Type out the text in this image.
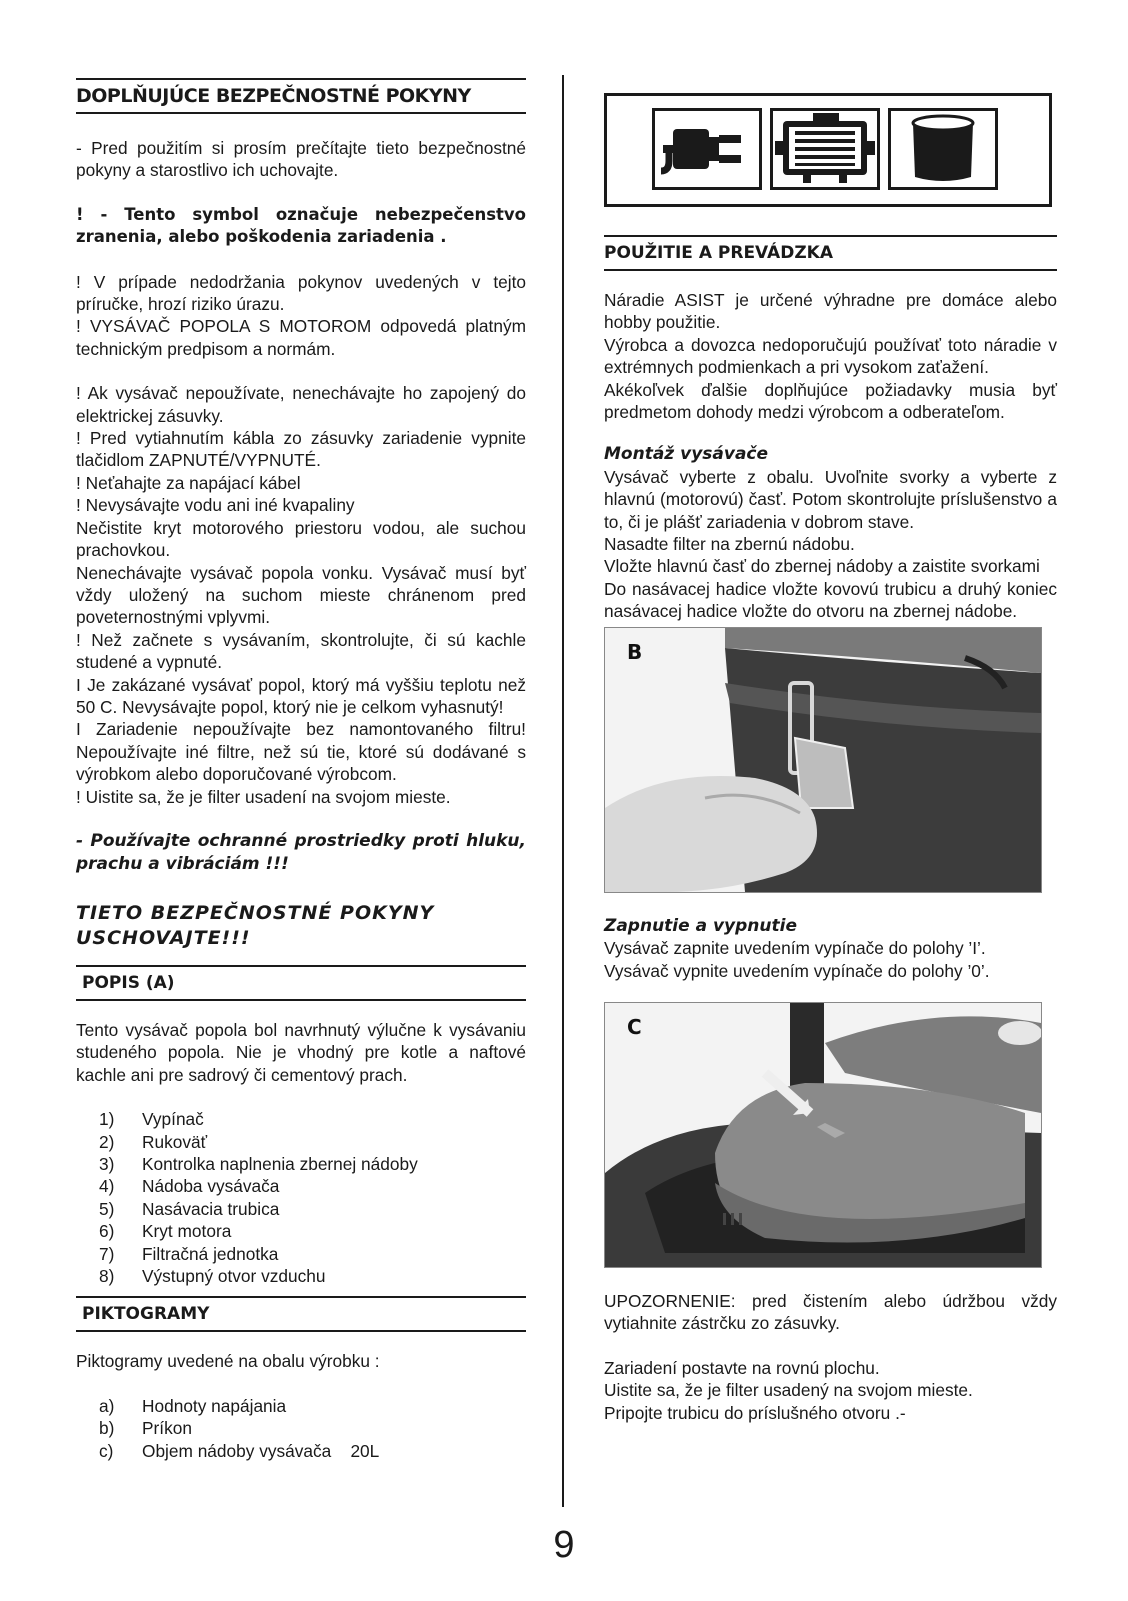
DOPLŇUJÚCE BEZPEČNOSTNÉ POKYNY

- Pred použitím si prosím prečítajte tieto bezpečnostné pokyny a starostlivo ich uchovajte.

! - Tento symbol označuje nebezpečenstvo zranenia, alebo poškodenia zariadenia .

! V prípade nedodržania pokynov uvedených v tejto príručke, hrozí riziko úrazu.

! VYSÁVAČ POPOLA S MOTOROM odpovedá platným technickým predpisom a normám.

! Ak vysávač nepoužívate, nenechávajte ho zapojený do elektrickej zásuvky.

! Pred vytiahnutím kábla zo zásuvky zariadenie vypnite tlačidlom ZAPNUTÉ/VYPNUTÉ.

! Neťahajte za napájací kábel

! Nevysávajte vodu ani iné kvapaliny

Nečistite kryt motorového priestoru vodou, ale suchou prachovkou.

Nenechávajte vysávač popola vonku. Vysávač musí byť vždy uložený na suchom mieste chránenom pred poveternostnými vplyvmi.

! Než začnete s vysávaním, skontrolujte, či sú kachle studené a vypnuté.

I Je zakázané vysávať popol, ktorý má vyššiu teplotu než 50 C. Nevysávajte popol, ktorý nie je celkom vyhasnutý!

I Zariadenie nepoužívajte bez namontovaného filtru! Nepoužívajte iné filtre, než sú tie, ktoré sú dodávané s výrobkom alebo doporučované výrobcom.

! Uistite sa, že je filter usadení na svojom mieste.

- Používajte ochranné prostriedky proti hluku, prachu a vibráciám !!!

TIETO BEZPEČNOSTNÉ POKYNY USCHOVAJTE!!!

POPIS (A)

Tento vysávač popola bol navrhnutý výlučne k vysávaniu studeného popola. Nie je vhodný pre kotle a naftové kachle ani pre sadrový či cementový prach.

1)	Vypínač
2)	Rukoväť
3)	Kontrolka naplnenia zbernej nádoby
4)	Nádoba vysávača
5)	Nasávacia trubica
6)	Kryt motora
7)	Filtračná jednotka
8)	Výstupný otvor vzduchu
PIKTOGRAMY

Piktogramy uvedené na obalu výrobku :

a)	Hodnoty napájania
b)	Príkon
c)	Objem nádoby vysávača    20L
POUŽITIE A PREVÁDZKA

Náradie ASIST je určené výhradne pre domáce alebo hobby použitie.

Výrobca a dovozca nedoporučujú používať toto náradie v extrémnych podmienkach a pri vysokom zaťažení.

Akékoľvek ďalšie doplňujúce požiadavky musia byť predmetom dohody medzi výrobcom a odberateľom.

Montáž vysávače

Vysávač vyberte z obalu. Uvoľnite svorky a vyberte z hlavnú (motorovú) časť. Potom skontrolujte príslušenstvo a to, či je plášť zariadenia v dobrom stave.

Nasadte filter na zbernú nádobu.

Vložte hlavnú časť do zbernej nádoby a zaistite svorkami

Do nasávacej hadice vložte kovovú trubicu a druhý koniec nasávacej hadice vložte do otvoru na zbernej nádobe.

B

Zapnutie a vypnutie

Vysávač zapnite uvedením vypínače do polohy ’I’.

Vysávač vypnite uvedením vypínače do polohy ’0’.

C

UPOZORNENIE: pred čistením alebo údržbou vždy vytiahnite zástrčku zo zásuvky.

Zariadení postavte na rovnú plochu.

Uistite sa, že je filter usadený na svojom mieste.

Pripojte trubicu do príslušného otvoru .-

9
